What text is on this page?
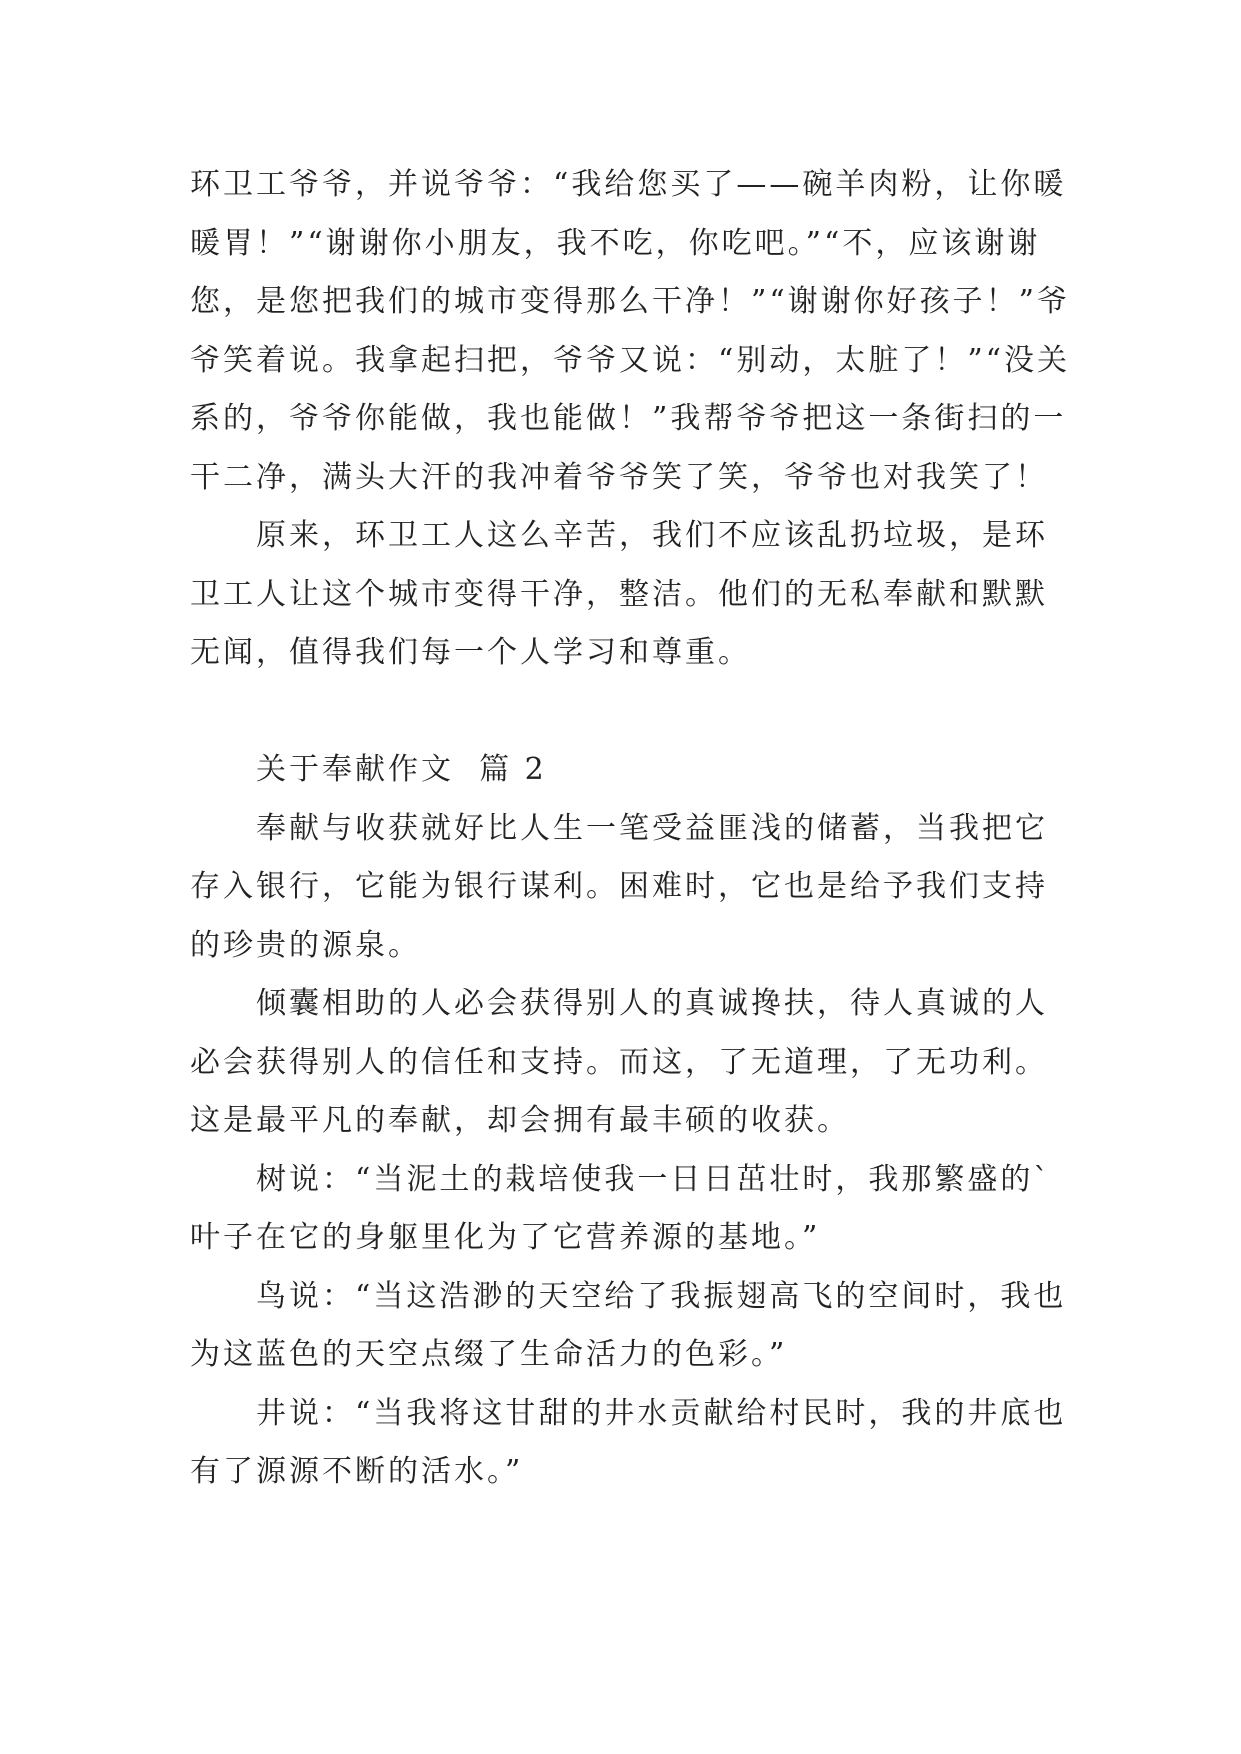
环卫工爷爷，并说爷爷：“我给您买了——碗羊肉粉，让你暖暖胃！”“谢谢你小朋友，我不吃，你吃吧。”“不，应该谢谢您，是您把我们的城市变得那么干净！”“谢谢你好孩子！”爷爷笑着说。我拿起扫把，爷爷又说：“别动，太脏了！”“没关系的，爷爷你能做，我也能做！”我帮爷爷把这一条街扫的一干二净，满头大汗的我冲着爷爷笑了笑，爷爷也对我笑了！

原来，环卫工人这么辛苦，我们不应该乱扔垃圾，是环卫工人让这个城市变得干净，整洁。他们的无私奉献和默默无闻，值得我们每一个人学习和尊重。

关于奉献作文  篇 2

奉献与收获就好比人生一笔受益匪浅的储蓄，当我把它存入银行，它能为银行谋利。困难时，它也是给予我们支持的珍贵的源泉。

倾囊相助的人必会获得别人的真诚搀扶，待人真诚的人必会获得别人的信任和支持。而这，了无道理，了无功利。这是最平凡的奉献，却会拥有最丰硕的收获。

树说：“当泥土的栽培使我一日日茁壮时，我那繁盛的`叶子在它的身躯里化为了它营养源的基地。”

鸟说：“当这浩渺的天空给了我振翅高飞的空间时，我也为这蓝色的天空点缀了生命活力的色彩。”

井说：“当我将这甘甜的井水贡献给村民时，我的井底也有了源源不断的活水。”
